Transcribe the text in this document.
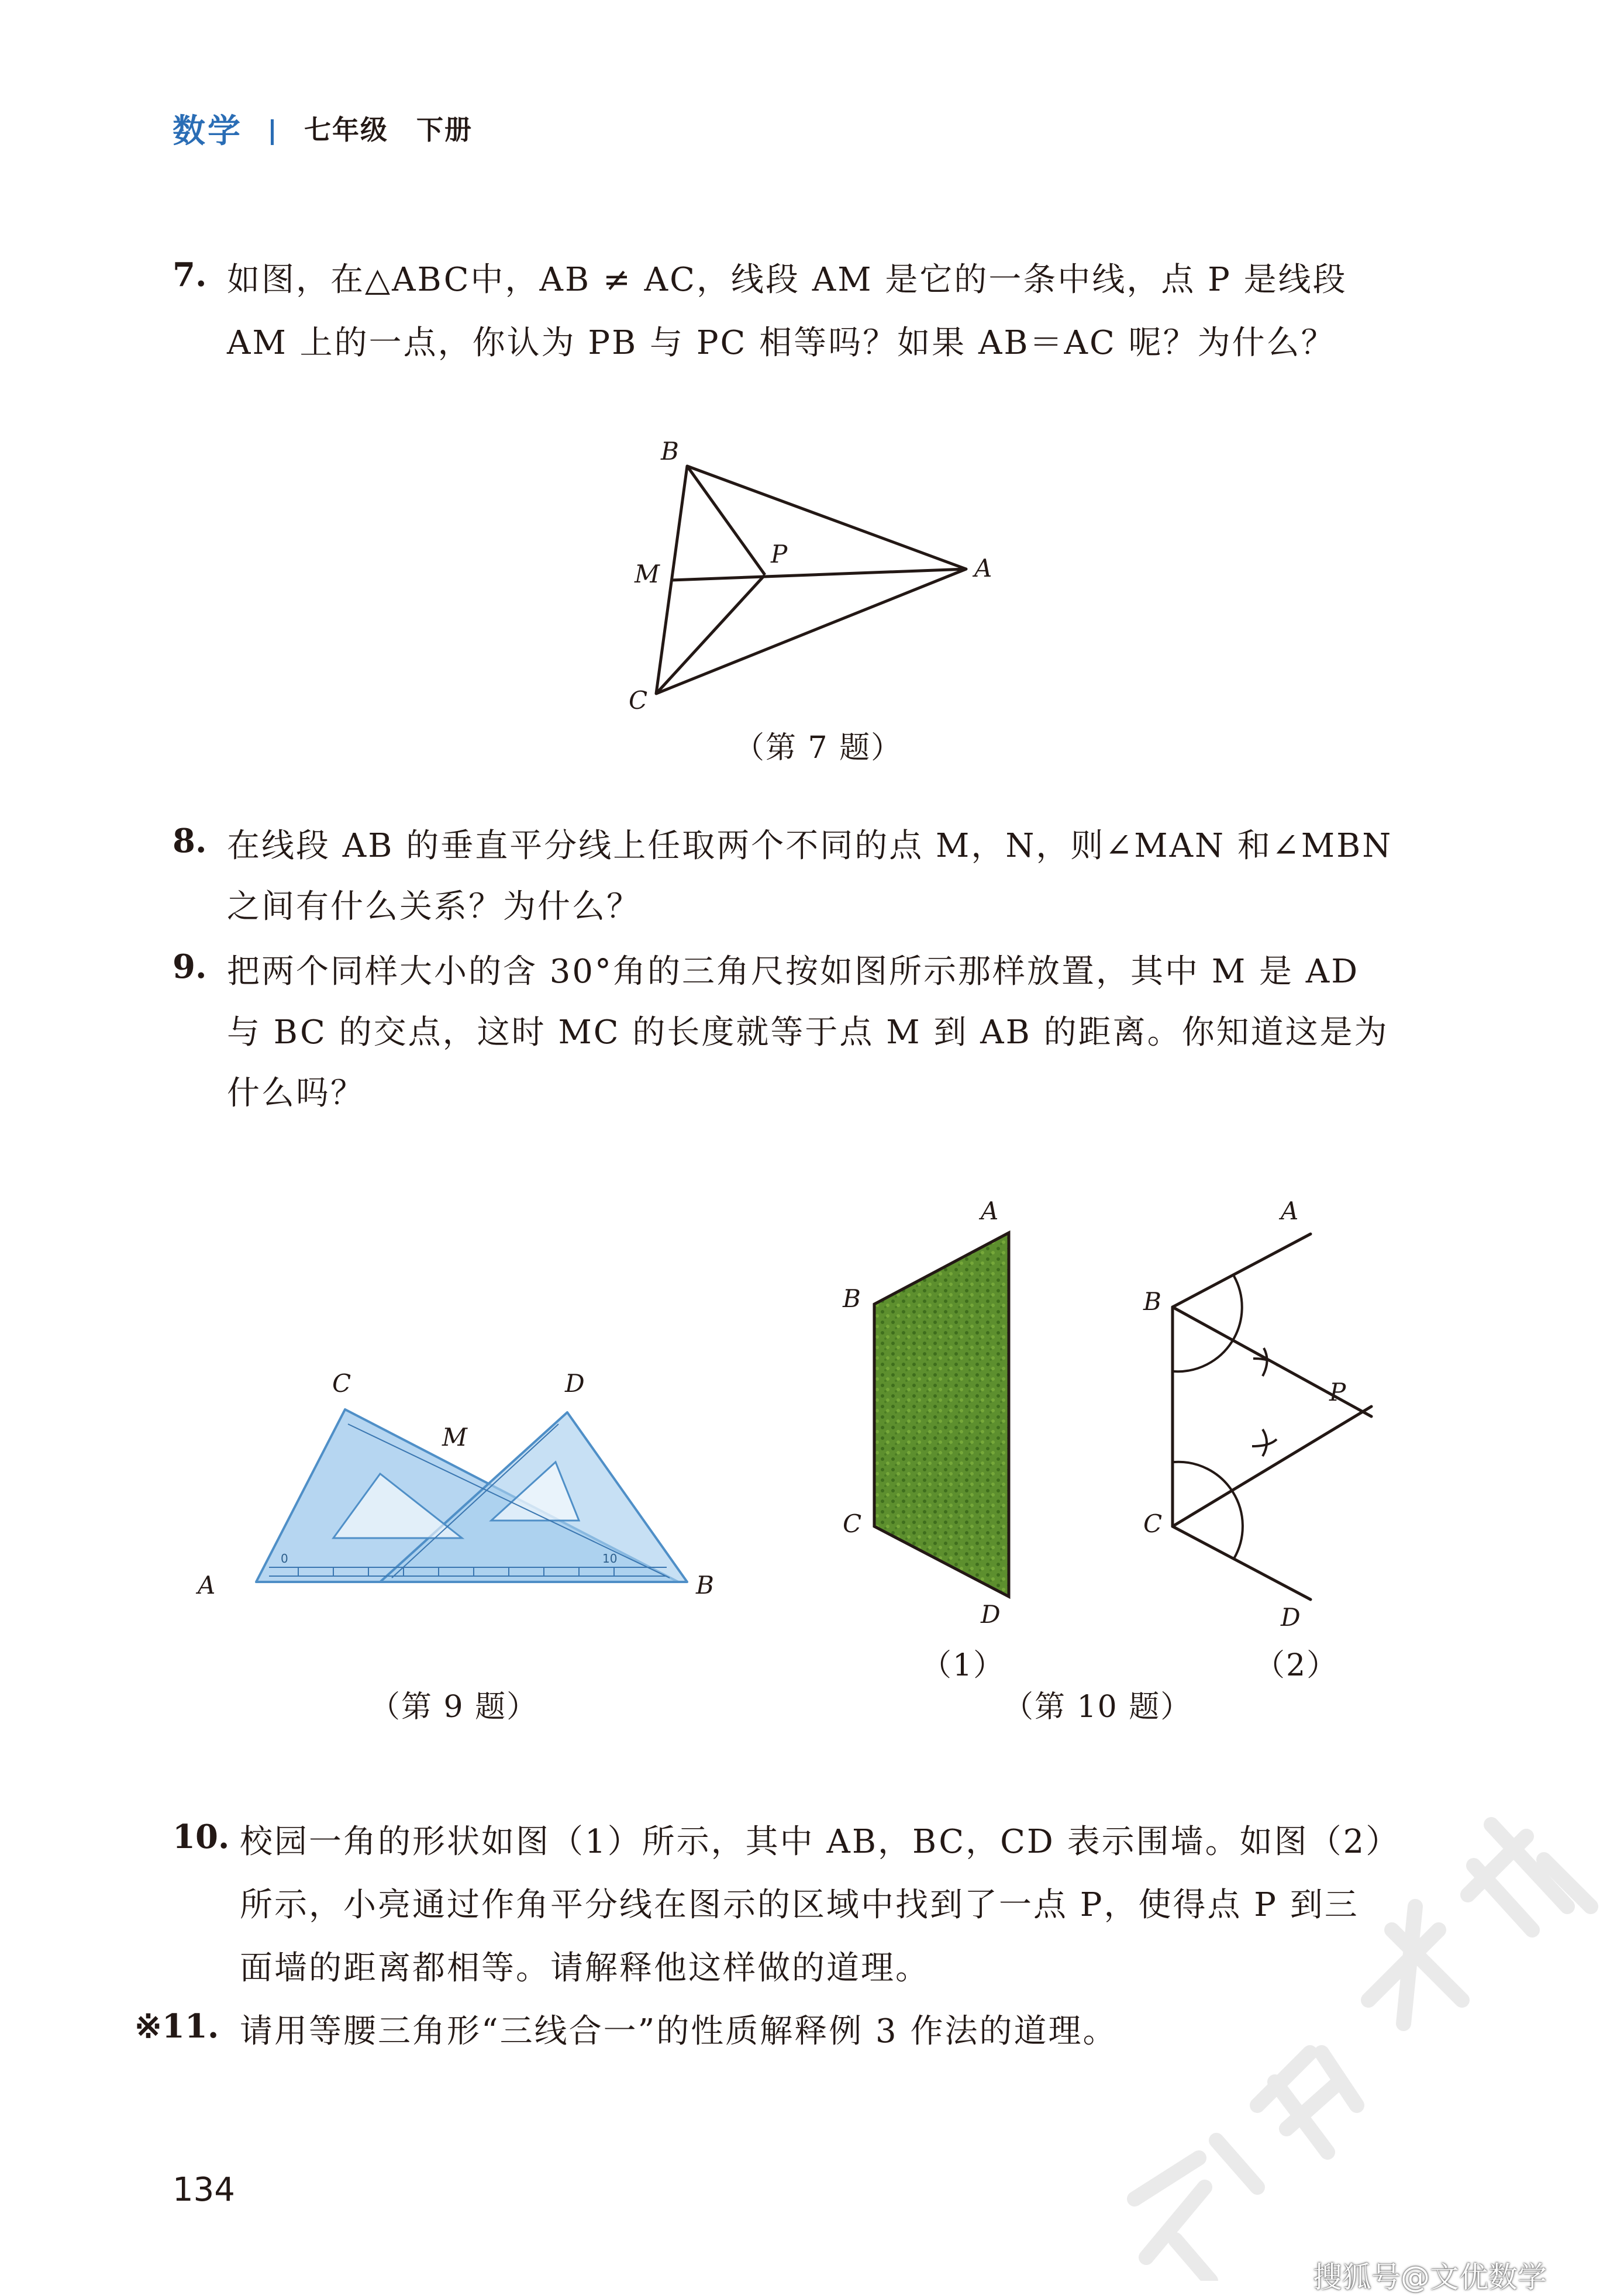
数学 七年级　下册
7. 如图，在△ABC中，AB ≠ AC，线段 AM 是它的一条中线，点 P 是线段
AM 上的一点，你认为 PB 与 PC 相等吗？如果 AB＝AC 呢？为什么？
B
M
P	A
C
（第 7 题）
8. 在线段 AB 的垂直平分线上任取两个不同的点 M，N，则∠MAN 和∠MBN
之间有什么关系？为什么？
9. 把两个同样大小的含 30°角的三角尺按如图所示那样放置，其中 M 是 AD
与 BC 的交点，这时 MC 的长度就等于点 M 到 AB 的距离。你知道这是为
什么吗？
0	10
C	D
M
A	B
（第 9 题）
A
B
C
D
A
B
P
C
D
（1）	（2）
（第 10 题）
10. 校园一角的形状如图（1）所示，其中 AB，BC，CD 表示围墙。如图（2）
所示，小亮通过作角平分线在图示的区域中找到了一点 P，使得点 P 到三
面墙的距离都相等。请解释他这样做的道理。
※11. 请用等腰三角形“三线合一”的性质解释例 3 作法的道理。
134
搜狐号@文优数学
